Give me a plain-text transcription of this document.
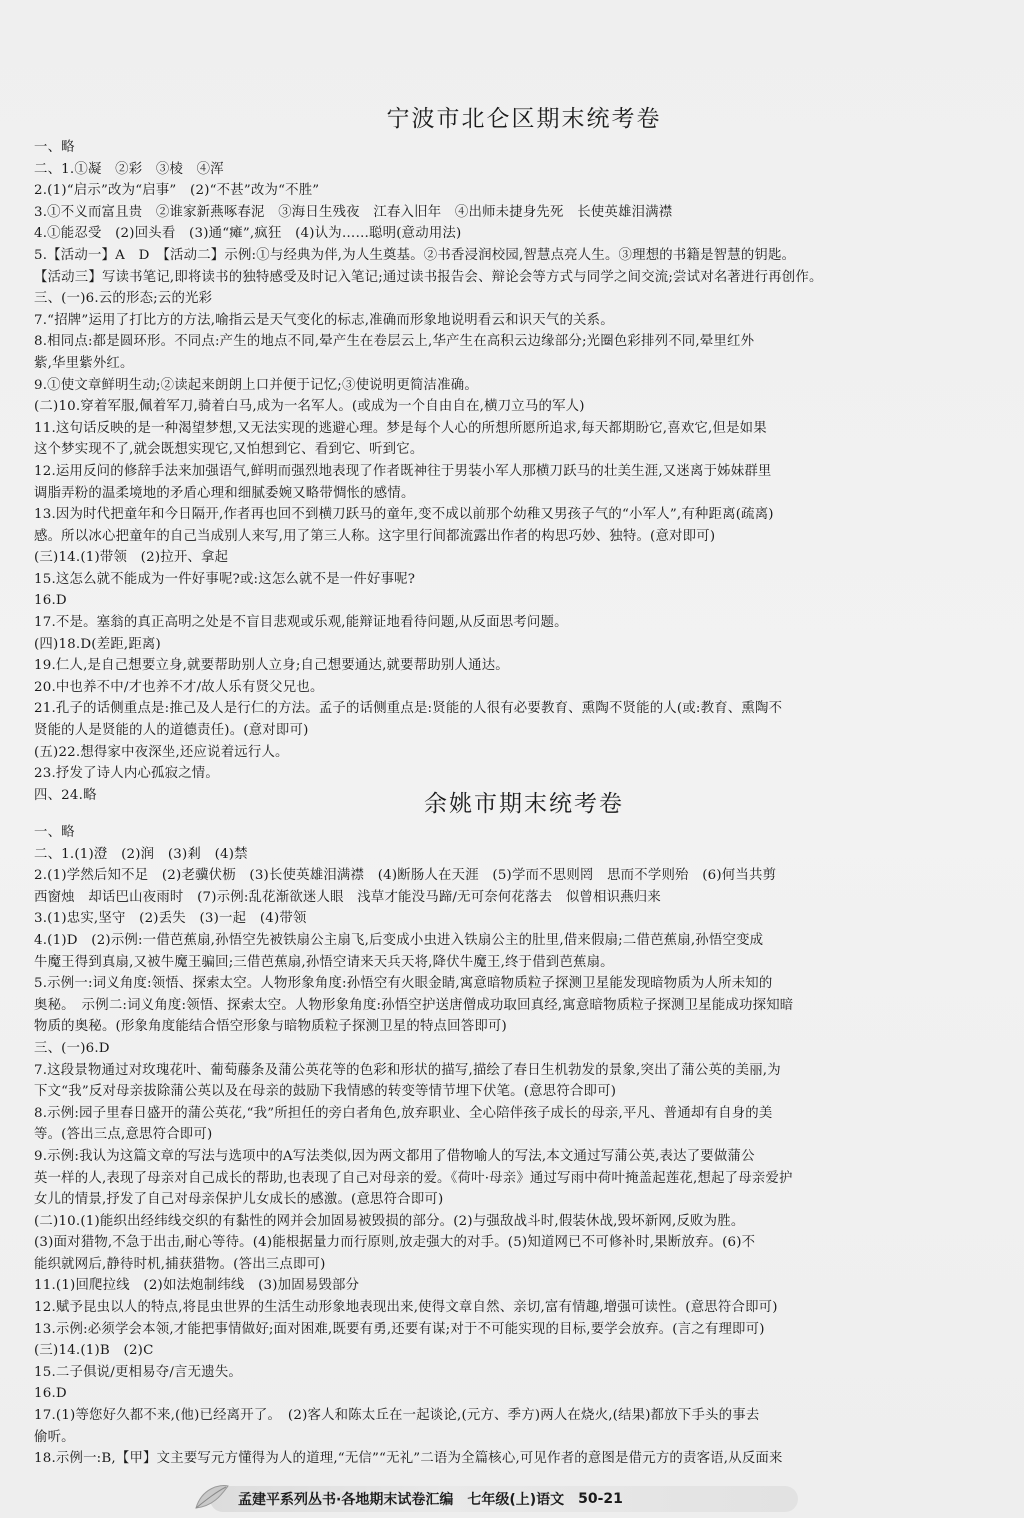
宁波市北仑区期末统考卷
一、略
二、1.①凝　②彩　③棱　④浑
2.(1)“启示”改为“启事”　(2)“不甚”改为“不胜”
3.①不义而富且贵　②谁家新燕啄春泥　③海日生残夜　江春入旧年　④出师未捷身先死　长使英雄泪满襟
4.①能忍受　(2)回头看　(3)通“瘫”,疯狂　(4)认为……聪明(意动用法)
5.【活动一】A　D　【活动二】示例:①与经典为伴,为人生奠基。②书香浸润校园,智慧点亮人生。③理想的书籍是智慧的钥匙。
【活动三】写读书笔记,即将读书的独特感受及时记入笔记;通过读书报告会、辩论会等方式与同学之间交流;尝试对名著进行再创作。
三、(一)6.云的形态;云的光彩
7.“招牌”运用了打比方的方法,喻指云是天气变化的标志,准确而形象地说明看云和识天气的关系。
8.相同点:都是圆环形。不同点:产生的地点不同,晕产生在卷层云上,华产生在高积云边缘部分;光圈色彩排列不同,晕里红外
紫,华里紫外红。
9.①使文章鲜明生动;②读起来朗朗上口并便于记忆;③使说明更简洁准确。
(二)10.穿着军服,佩着军刀,骑着白马,成为一名军人。(或成为一个自由自在,横刀立马的军人)
11.这句话反映的是一种渴望梦想,又无法实现的逃避心理。梦是每个人心的所想所愿所追求,每天都期盼它,喜欢它,但是如果
这个梦实现不了,就会既想实现它,又怕想到它、看到它、听到它。
12.运用反问的修辞手法来加强语气,鲜明而强烈地表现了作者既神往于男装小军人那横刀跃马的壮美生涯,又迷离于姊妹群里
调脂弄粉的温柔境地的矛盾心理和细腻委婉又略带惆怅的感情。
13.因为时代把童年和今日隔开,作者再也回不到横刀跃马的童年,变不成以前那个幼稚又男孩子气的“小军人”,有种距离(疏离)
感。所以冰心把童年的自己当成别人来写,用了第三人称。这字里行间都流露出作者的构思巧妙、独特。(意对即可)
(三)14.(1)带领　(2)拉开、拿起
15.这怎么就不能成为一件好事呢?或:这怎么就不是一件好事呢?
16.D
17.不是。塞翁的真正高明之处是不盲目悲观或乐观,能辩证地看待问题,从反面思考问题。
(四)18.D(差距,距离)
19.仁人,是自己想要立身,就要帮助别人立身;自己想要通达,就要帮助别人通达。
20.中也养不中/才也养不才/故人乐有贤父兄也。
21.孔子的话侧重点是:推己及人是行仁的方法。孟子的话侧重点是:贤能的人很有必要教育、熏陶不贤能的人(或:教育、熏陶不
贤能的人是贤能的人的道德责任)。(意对即可)
(五)22.想得家中夜深坐,还应说着远行人。
23.抒发了诗人内心孤寂之情。
四、24.略	余姚市期末统考卷
一、略
二、1.(1)澄　(2)润　(3)剎　(4)禁
2.(1)学然后知不足　(2)老骥伏枥　(3)长使英雄泪满襟　(4)断肠人在天涯　(5)学而不思则罔　思而不学则殆　(6)何当共剪
西窗烛　却话巴山夜雨时　(7)示例:乱花渐欲迷人眼　浅草才能没马蹄/无可奈何花落去　似曾相识燕归来
3.(1)忠实,坚守　(2)丢失　(3)一起　(4)带领
4.(1)D　(2)示例:一借芭蕉扇,孙悟空先被铁扇公主扇飞,后变成小虫进入铁扇公主的肚里,借来假扇;二借芭蕉扇,孙悟空变成
牛魔王得到真扇,又被牛魔王骗回;三借芭蕉扇,孙悟空请来天兵天将,降伏牛魔王,终于借到芭蕉扇。
5.示例一:词义角度:领悟、探索太空。人物形象角度:孙悟空有火眼金睛,寓意暗物质粒子探测卫星能发现暗物质为人所未知的
奥秘。　示例二:词义角度:领悟、探索太空。人物形象角度:孙悟空护送唐僧成功取回真经,寓意暗物质粒子探测卫星能成功探知暗
物质的奥秘。(形象角度能结合悟空形象与暗物质粒子探测卫星的特点回答即可)
三、(一)6.D
7.这段景物通过对玫瑰花叶、葡萄藤条及蒲公英花等的色彩和形状的描写,描绘了春日生机勃发的景象,突出了蒲公英的美丽,为
下文“我”反对母亲拔除蒲公英以及在母亲的鼓励下我情感的转变等情节埋下伏笔。(意思符合即可)
8.示例:园子里春日盛开的蒲公英花,“我”所担任的旁白者角色,放弃职业、全心陪伴孩子成长的母亲,平凡、普通却有自身的美
等。(答出三点,意思符合即可)
9.示例:我认为这篇文章的写法与选项中的A写法类似,因为两文都用了借物喻人的写法,本文通过写蒲公英,表达了要做蒲公
英一样的人,表现了母亲对自己成长的帮助,也表现了自己对母亲的爱。《荷叶·母亲》通过写雨中荷叶掩盖起莲花,想起了母亲爱护
女儿的情景,抒发了自己对母亲保护儿女成长的感激。(意思符合即可)
(二)10.(1)能织出经纬线交织的有黏性的网并会加固易被毁损的部分。(2)与强敌战斗时,假装休战,毁坏新网,反败为胜。
(3)面对猎物,不急于出击,耐心等待。(4)能根据量力而行原则,放走强大的对手。(5)知道网已不可修补时,果断放弃。(6)不
能织就网后,静待时机,捕获猎物。(答出三点即可)
11.(1)回爬拉线　(2)如法炮制纬线　(3)加固易毁部分
12.赋予昆虫以人的特点,将昆虫世界的生活生动形象地表现出来,使得文章自然、亲切,富有情趣,增强可读性。(意思符合即可)
13.示例:必须学会本领,才能把事情做好;面对困难,既要有勇,还要有谋;对于不可能实现的目标,要学会放弃。(言之有理即可)
(三)14.(1)B　(2)C
15.二子俱说/更相易夺/言无遗失。
16.D
17.(1)等您好久都不来,(他)已经离开了。　(2)客人和陈太丘在一起谈论,(元方、季方)两人在烧火,(结果)都放下手头的事去
偷听。
18.示例一:B,【甲】文主要写元方懂得为人的道理,“无信”“无礼”二语为全篇核心,可见作者的意图是借元方的责客语,从反面来
孟建平系列丛书·各地期末试卷汇编 七年级(上)语文 50-21
